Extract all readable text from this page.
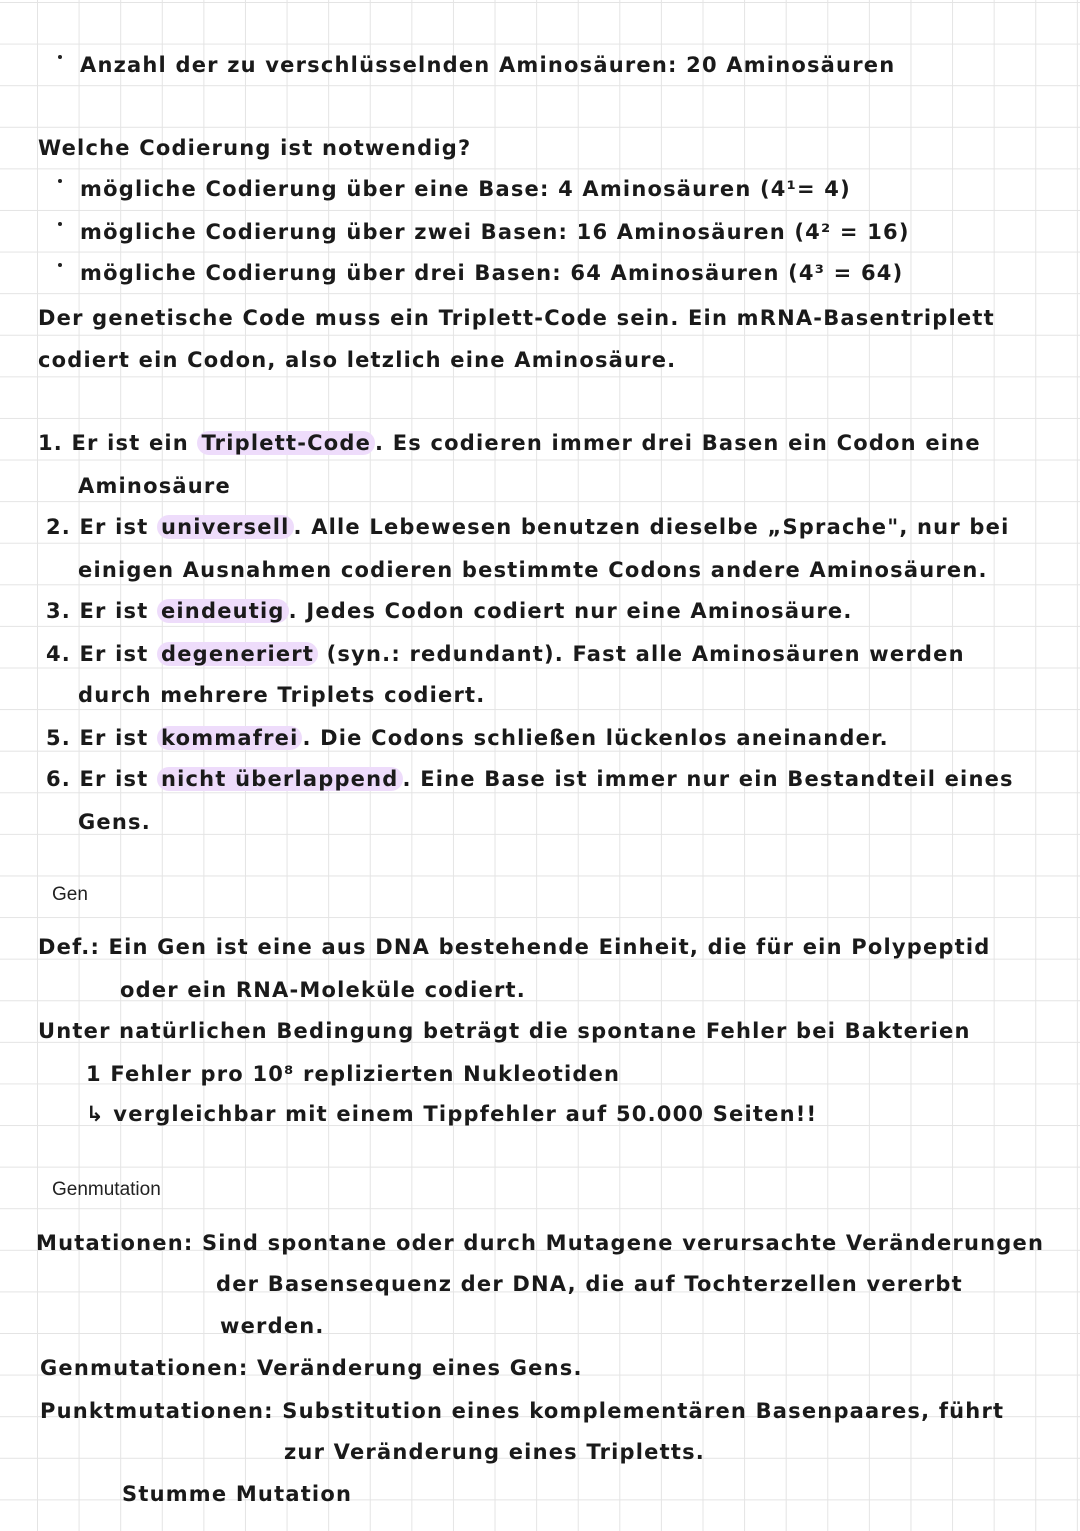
Anzahl der zu verschlüsselnden Aminosäuren: 20 Aminosäuren
Welche Codierung ist notwendig?
mögliche Codierung über eine Base: 4 Aminosäuren (4¹= 4)
mögliche Codierung über zwei Basen: 16 Aminosäuren (4² = 16)
mögliche Codierung über drei Basen: 64 Aminosäuren (4³ = 64)
Der genetische Code muss ein Triplett-Code sein. Ein mRNA-Basentriplett
codiert ein Codon, also letzlich eine Aminosäure.
1. Er ist ein Triplett-Code . Es codieren immer drei Basen ein Codon eine
Aminosäure
2. Er ist universell . Alle Lebewesen benutzen dieselbe „Sprache", nur bei
einigen Ausnahmen codieren bestimmte Codons andere Aminosäuren.
3. Er ist eindeutig . Jedes Codon codiert nur eine Aminosäure.
4. Er ist degeneriert (syn.: redundant). Fast alle Aminosäuren werden
durch mehrere Triplets codiert.
5. Er ist kommafrei . Die Codons schließen lückenlos aneinander.
6. Er ist nicht überlappend . Eine Base ist immer nur ein Bestandteil eines
Gens.
Gen
Def.: Ein Gen ist eine aus DNA bestehende Einheit, die für ein Polypeptid
oder ein RNA-Moleküle codiert.
Unter natürlichen Bedingung beträgt die spontane Fehler bei Bakterien
1 Fehler pro 10⁸ replizierten Nukleotiden
↳ vergleichbar mit einem Tippfehler auf 50.000 Seiten!!
Genmutation
Mutationen: Sind spontane oder durch Mutagene verursachte Veränderungen
der Basensequenz der DNA, die auf Tochterzellen vererbt
werden.
Genmutationen: Veränderung eines Gens.
Punktmutationen: Substitution eines komplementären Basenpaares, führt
zur Veränderung eines Tripletts.
Stumme Mutation
